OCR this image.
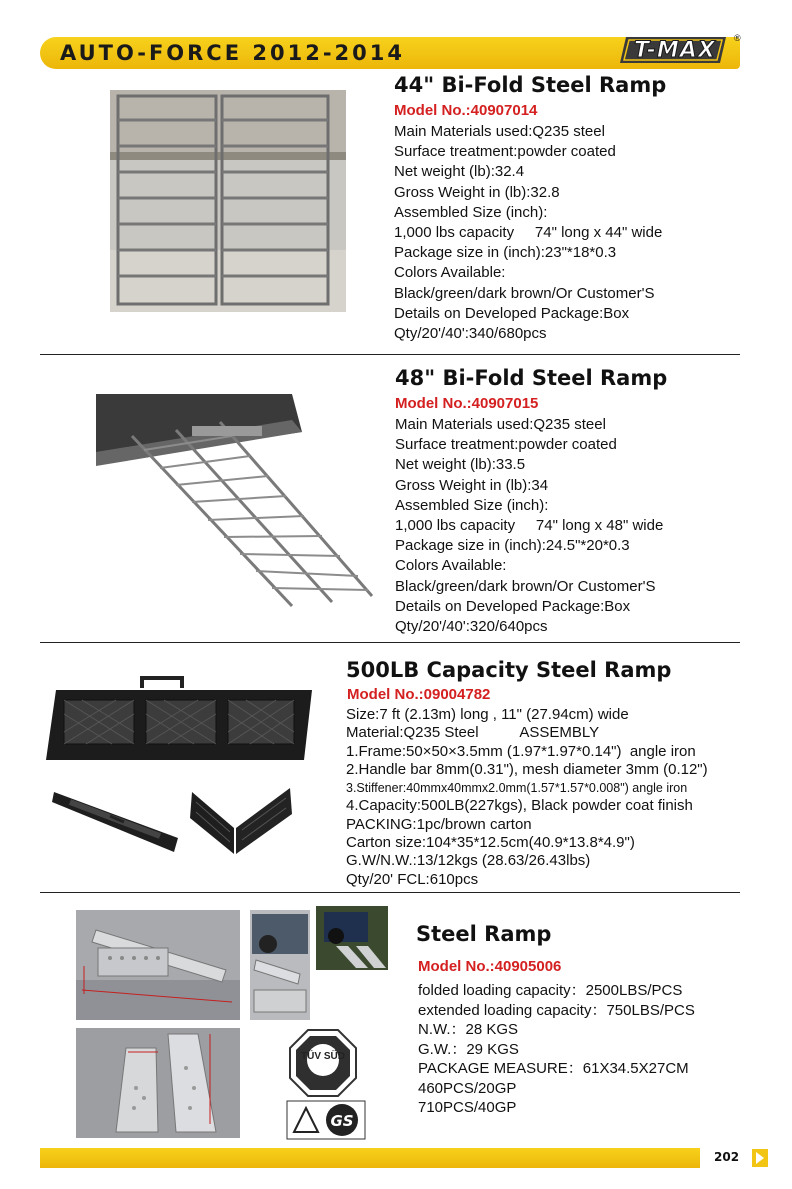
AUTO-FORCE 2012-2014	T-MAX ®
44" Bi-Fold Steel Ramp
Model No.:40907014
Main Materials used:Q235 steel
Surface treatment:powder coated
Net weight (lb):32.4
Gross Weight in (lb):32.8
Assembled Size (inch):
1,000 lbs capacity     74" long x 44" wide
Package size in (inch):23"*18*0.3
Colors Available:
Black/green/dark brown/Or Customer'S
Details on Developed Package:Box
Qty/20'/40':340/680pcs
48" Bi-Fold Steel Ramp
Model No.:40907015
Main Materials used:Q235 steel
Surface treatment:powder coated
Net weight (lb):33.5
Gross Weight in (lb):34
Assembled Size (inch):
1,000 lbs capacity     74" long x 48" wide
Package size in (inch):24.5"*20*0.3
Colors Available:
Black/green/dark brown/Or Customer'S
Details on Developed Package:Box
Qty/20'/40':320/640pcs
500LB Capacity Steel Ramp
Model No.:09004782
Size:7 ft (2.13m) long , 11" (27.94cm) wide
Material:Q235 Steel          ASSEMBLY
1.Frame:50×50×3.5mm (1.97*1.97*0.14")  angle iron
2.Handle bar 8mm(0.31"), mesh diameter 3mm (0.12")
3.Stiffener:40mmx40mmx2.0mm(1.57*1.57*0.008") angle iron
4.Capacity:500LB(227kgs), Black powder coat finish
PACKING:1pc/brown carton
Carton size:104*35*12.5cm(40.9*13.8*4.9")
G.W/N.W.:13/12kgs (28.63/26.43lbs)
Qty/20' FCL:610pcs
TÜV SÜD
GS
Steel Ramp
Model No.:40905006
folded loading capacity：2500LBS/PCS
extended loading capacity：750LBS/PCS
N.W.：28 KGS
G.W.：29 KGS
PACKAGE MEASURE：61X34.5X27CM
460PCS/20GP
710PCS/40GP
202
